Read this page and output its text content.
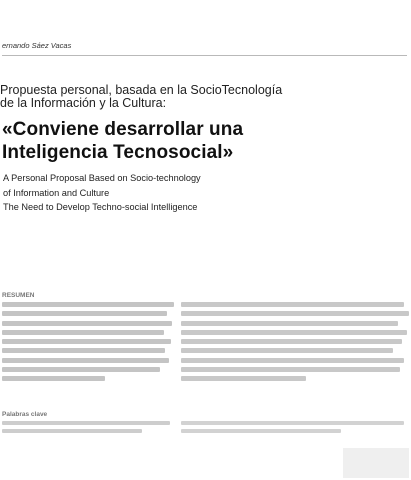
ernando Sáez Vacas
Propuesta personal, basada en la SocioTecnología
de la Información y la Cultura:
«Conviene desarrollar una
Inteligencia Tecnosocial»
A Personal Proposal Based on Socio-technology
of Information and Culture
The Need to Develop Techno-social Intelligence
RESUMEN
Palabras clave
